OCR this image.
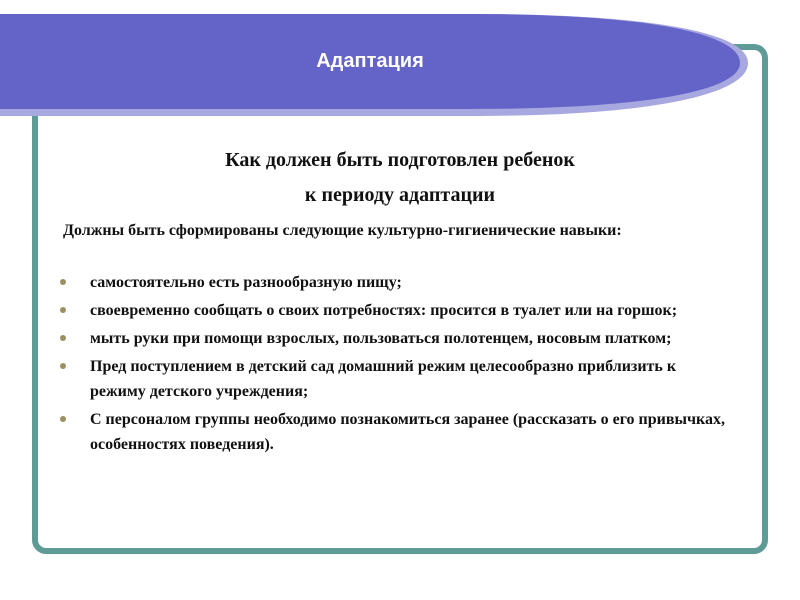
Адаптация
Как должен быть подготовлен ребенок
к периоду адаптации
Должны быть сформированы следующие культурно-гигиенические навыки:
самостоятельно есть разнообразную пищу;
своевременно сообщать о своих потребностях: просится в туалет или на горшок;
мыть руки при помощи взрослых, пользоваться полотенцем, носовым платком;
Пред поступлением в детский сад домашний режим целесообразно приблизить к режиму детского учреждения;
С персоналом группы необходимо познакомиться заранее (рассказать о его привычках, особенностях поведения).
